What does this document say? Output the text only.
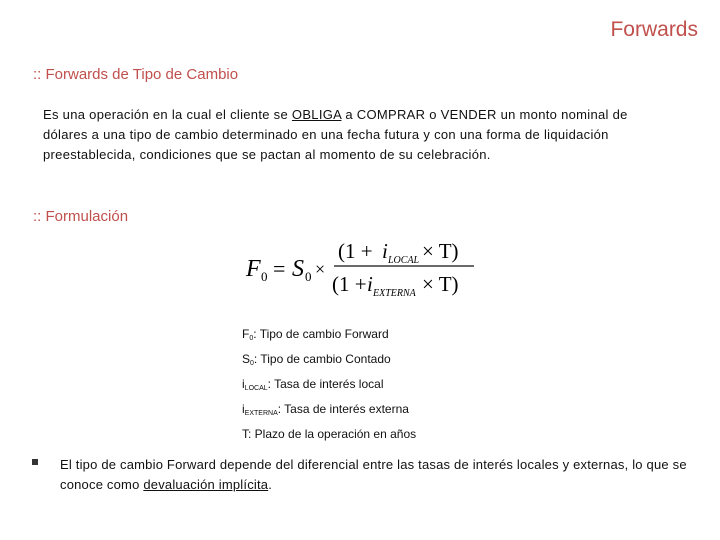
Forwards
:: Forwards de Tipo de Cambio
Es una operación en la cual el cliente se OBLIGA a COMPRAR o VENDER un monto nominal de dólares a una tipo de cambio determinado en una fecha futura y con una forma de liquidación preestablecida, condiciones que se pactan al momento de su celebración.
:: Formulación
F 0 = S 0 ×
(1 + i LOCAL × T)
(1 + i EXTERNA × T)
$F_0$: Tipo de cambio Forward
$S_0$: Tipo de cambio Contado
$i_{LOCAL}$: Tasa de interés local
$i_{EXTERNA}$: Tasa de interés externa
T: Plazo de la operación en años
El tipo de cambio Forward depende del diferencial entre las tasas de interés locales y externas, lo que se conoce como devaluación implícita.
